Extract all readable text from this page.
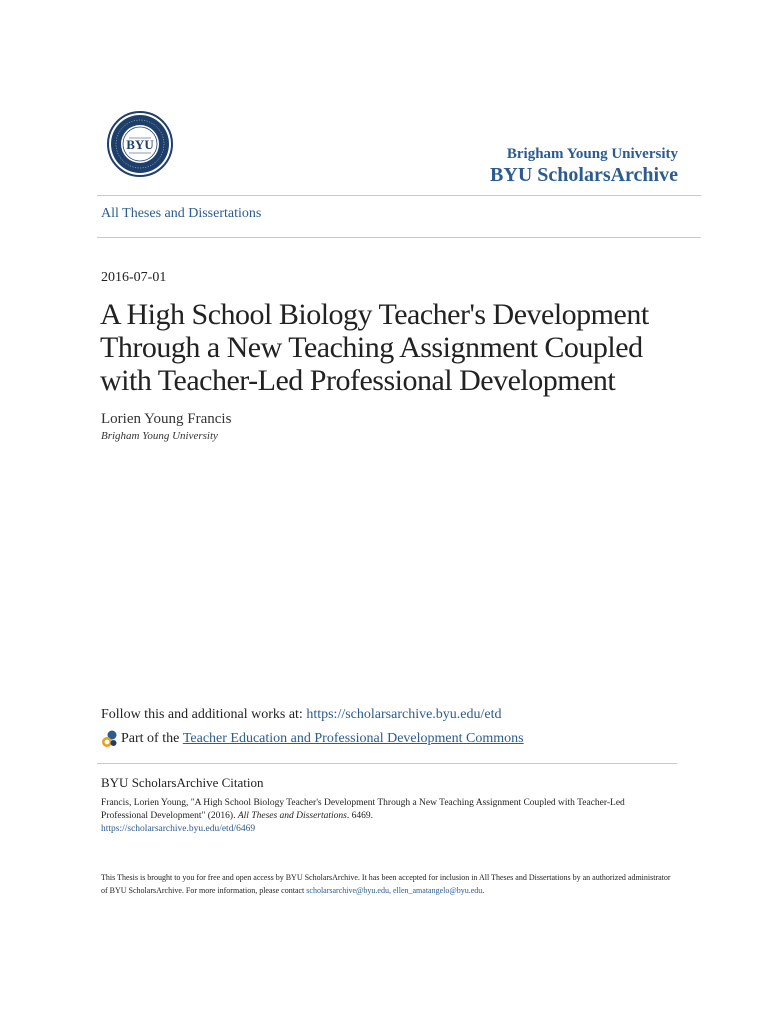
BYU
Brigham Young University
BYU ScholarsArchive
All Theses and Dissertations
2016-07-01
A High School Biology Teacher's Development Through a New Teaching Assignment Coupled with Teacher-Led Professional Development
Lorien Young Francis
Brigham Young University
Follow this and additional works at: https://scholarsarchive.byu.edu/etd
Part of the
Teacher Education and Professional Development Commons
BYU ScholarsArchive Citation
Francis, Lorien Young, "A High School Biology Teacher's Development Through a New Teaching Assignment Coupled with Teacher-Led Professional Development" (2016). All Theses and Dissertations. 6469.
https://scholarsarchive.byu.edu/etd/6469
This Thesis is brought to you for free and open access by BYU ScholarsArchive. It has been accepted for inclusion in All Theses and Dissertations by an authorized administrator of BYU ScholarsArchive. For more information, please contact scholarsarchive@byu.edu, ellen_amatangelo@byu.edu.
